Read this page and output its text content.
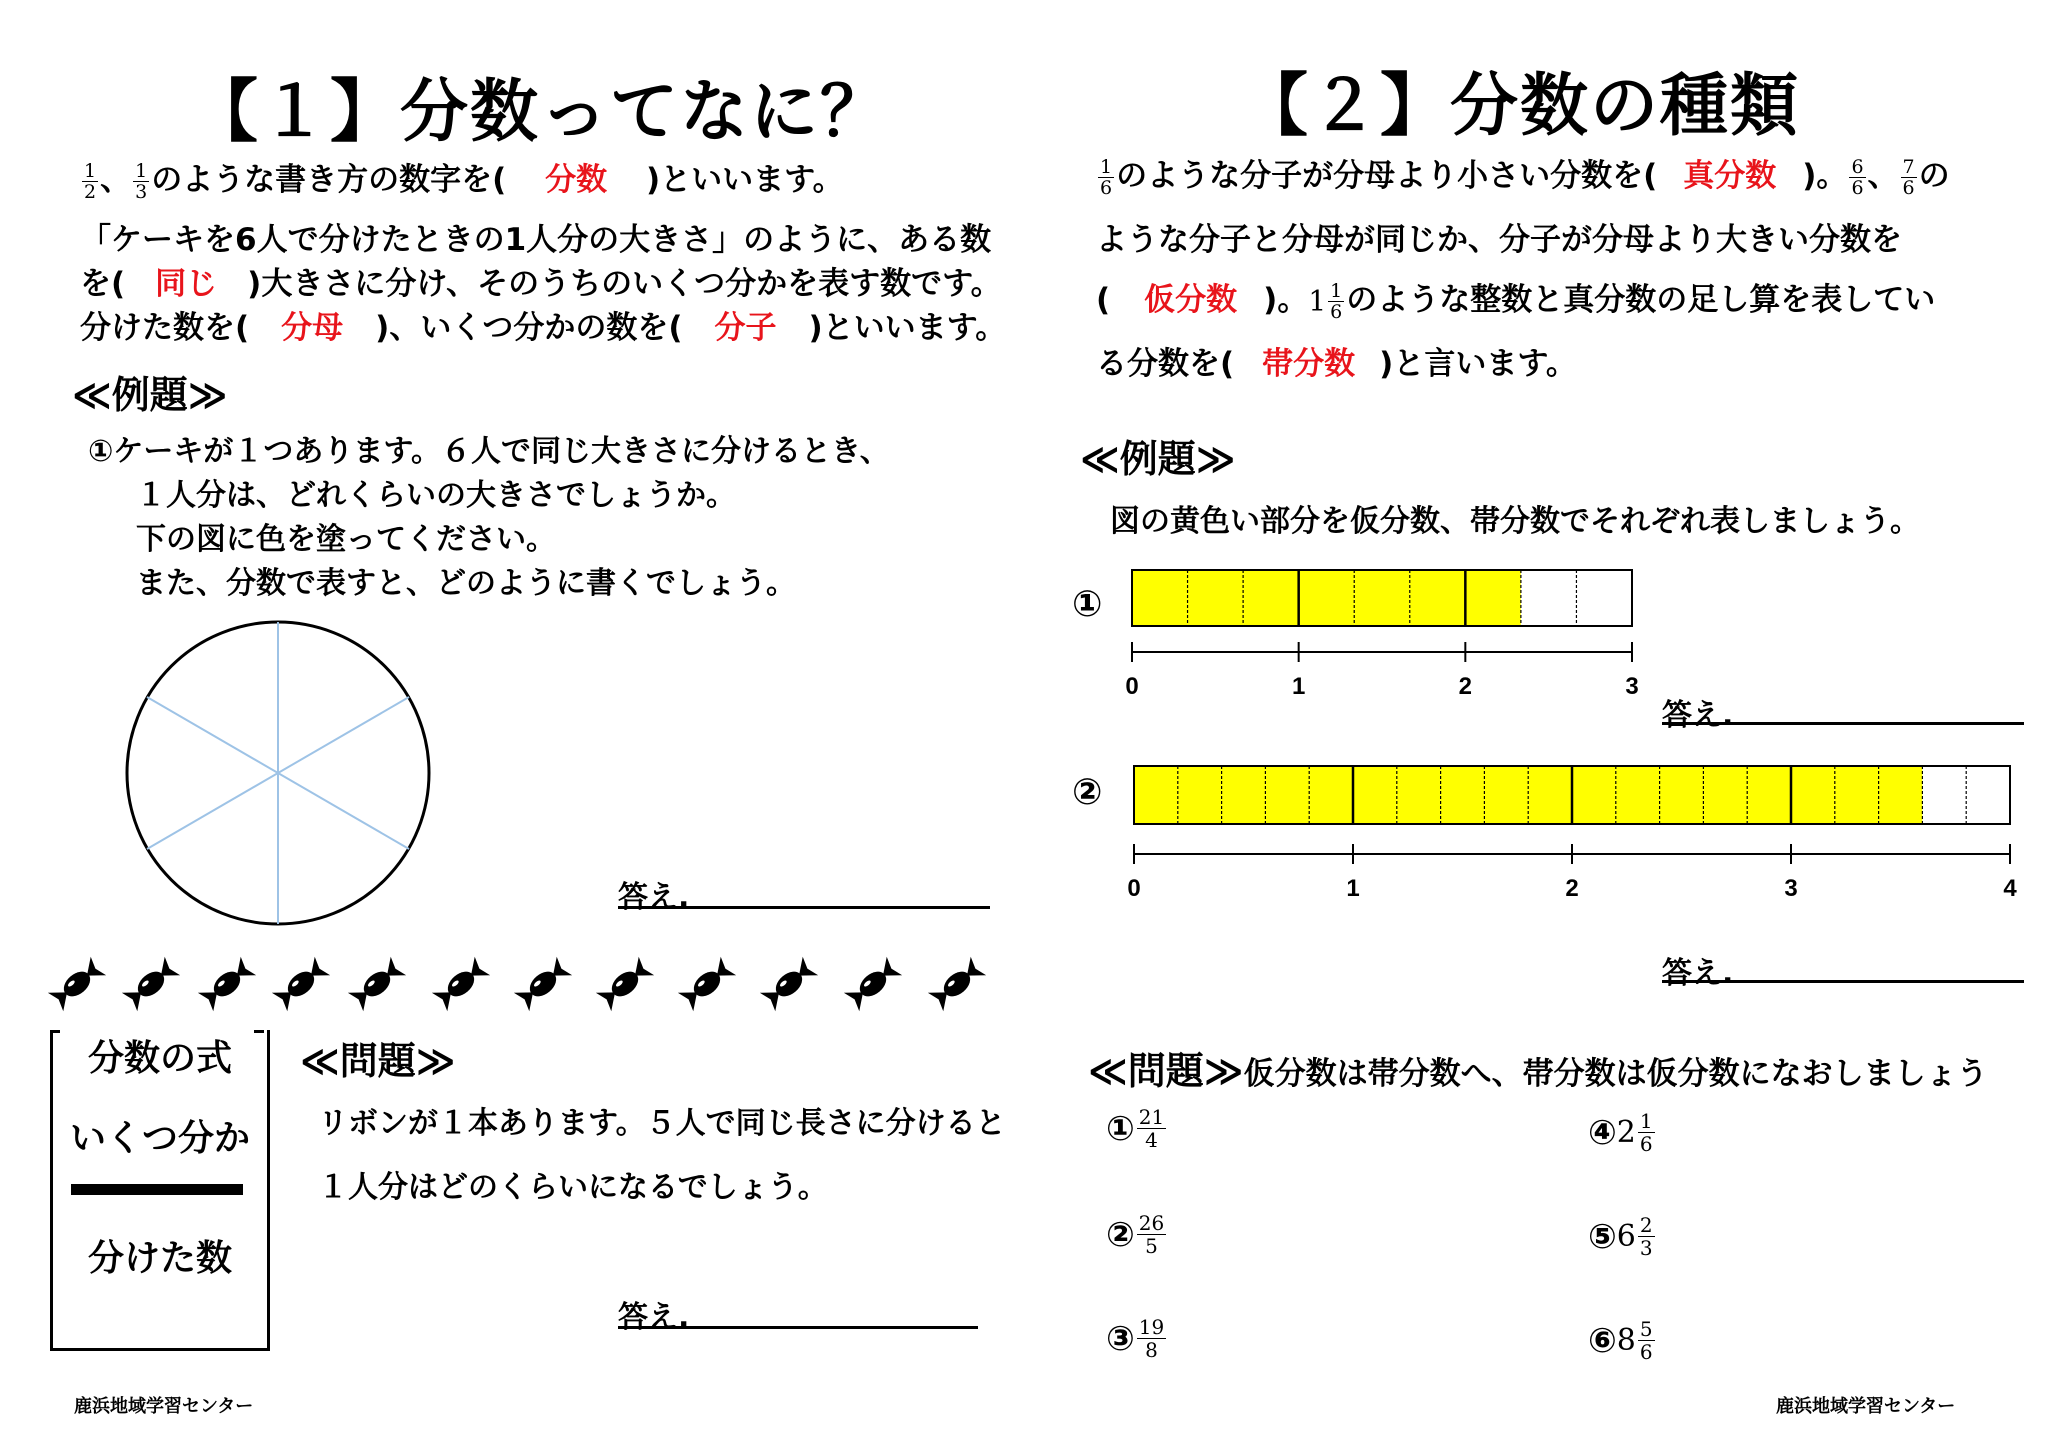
【１】分数ってなに？
$\frac{1}{2}$ 、 $\frac{1}{3}$ のような書き方の数字を( 分数 )といいます。
「ケーキを6人で分けたときの1人分の大きさ」のように、ある数
を( 同じ )大きさに分け、そのうちのいくつ分かを表す数です。
分けた数を( 分母 )、いくつ分かの数を( 分子 )といいます。
≪例題≫
①ケーキが１つあります。６人で同じ大きさに分けるとき、
１人分は、どれくらいの大きさでしょうか。
下の図に色を塗ってください。
また、分数で表すと、どのように書くでしょう。
答え.
分数の式
いくつ分か
分けた数
≪問題≫
リボンが１本あります。５人で同じ長さに分けると
１人分はどのくらいになるでしょう。
答え.
鹿浜地域学習センター
【２】分数の種類
$\frac{1}{6}$ のような分子が分母より小さい分数を( 真分数 )。 $\frac{6}{6}$ 、 $\frac{7}{6}$ の
ような分子と分母が同じか、分子が分母より大きい分数を
( 仮分数 )。$1 \frac{1}{6}$ のような整数と真分数の足し算を表してい
る分数を( 帯分数 )と言います。
≪例題≫
図の黄色い部分を仮分数、帯分数でそれぞれ表しましょう。
①
0	1	2	3
答え.
②
0	1	2	3	4
答え.
≪問題≫仮分数は帯分数へ、帯分数は仮分数になおしましょう
① $\frac{21}{4}$
② $\frac{26}{5}$
③ $\frac{19}{8}$
④ $2 \frac{1}{6}$
⑤ $6 \frac{2}{3}$
⑥ $8 \frac{5}{6}$
鹿浜地域学習センター
